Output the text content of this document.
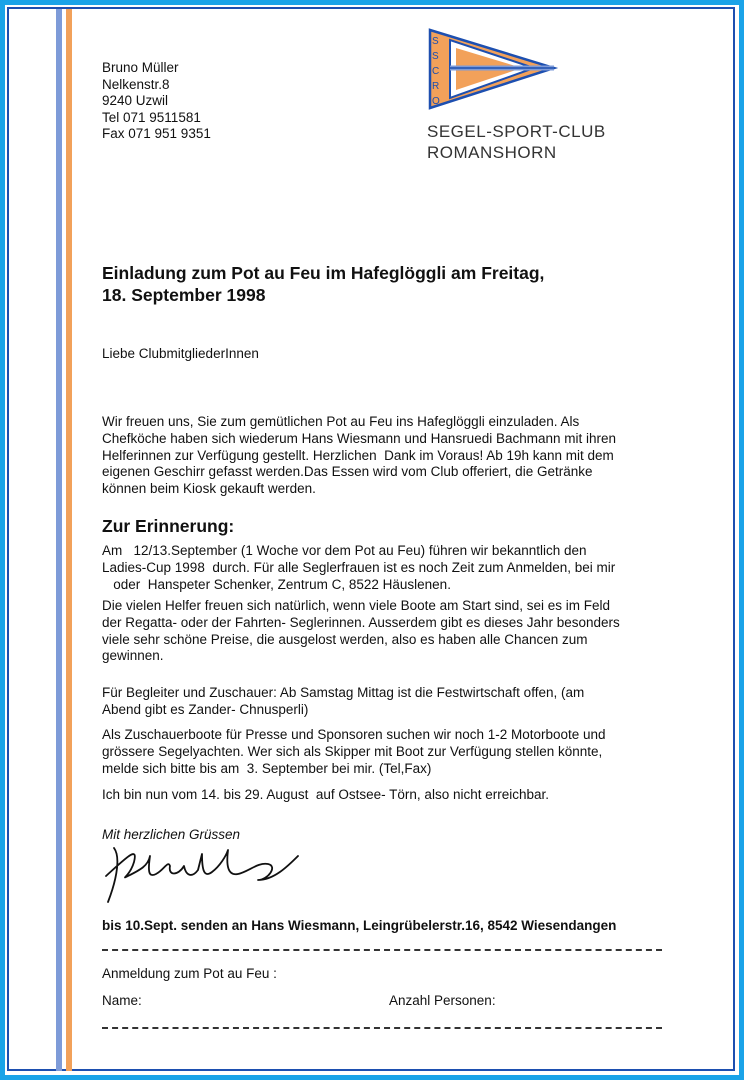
Bruno Müller
Nelkenstr.8
9240 Uzwil
Tel 071 9511581
Fax 071 951 9351
S
S
C
R
O
SEGEL-SPORT-CLUB
ROMANSHORN
Einladung zum Pot au Feu im Hafeglöggli am Freitag,
18. September 1998
Liebe ClubmitgliederInnen
Wir freuen uns, Sie zum gemütlichen Pot au Feu ins Hafeglöggli einzuladen. Als
Chefköche haben sich wiederum Hans Wiesmann und Hansruedi Bachmann mit ihren
Helferinnen zur Verfügung gestellt. Herzlichen  Dank im Voraus! Ab 19h kann mit dem
eigenen Geschirr gefasst werden.Das Essen wird vom Club offeriert, die Getränke
können beim Kiosk gekauft werden.
Zur Erinnerung:
Am   12/13.September (1 Woche vor dem Pot au Feu) führen wir bekanntlich den
Ladies-Cup 1998  durch. Für alle Seglerfrauen ist es noch Zeit zum Anmelden, bei mir
oder  Hanspeter Schenker, Zentrum C, 8522 Häuslenen.
Die vielen Helfer freuen sich natürlich, wenn viele Boote am Start sind, sei es im Feld
der Regatta- oder der Fahrten- Seglerinnen. Ausserdem gibt es dieses Jahr besonders
viele sehr schöne Preise, die ausgelost werden, also es haben alle Chancen zum
gewinnen.
Für Begleiter und Zuschauer: Ab Samstag Mittag ist die Festwirtschaft offen, (am
Abend gibt es Zander- Chnusperli)
Als Zuschauerboote für Presse und Sponsoren suchen wir noch 1-2 Motorboote und
grössere Segelyachten. Wer sich als Skipper mit Boot zur Verfügung stellen könnte,
melde sich bitte bis am  3. September bei mir. (Tel,Fax)
Ich bin nun vom 14. bis 29. August  auf Ostsee- Törn, also nicht erreichbar.
Mit herzlichen Grüssen
bis 10.Sept. senden an Hans Wiesmann, Leingrübelerstr.16, 8542 Wiesendangen
Anmeldung zum Pot au Feu :
Name:	Anzahl Personen:
